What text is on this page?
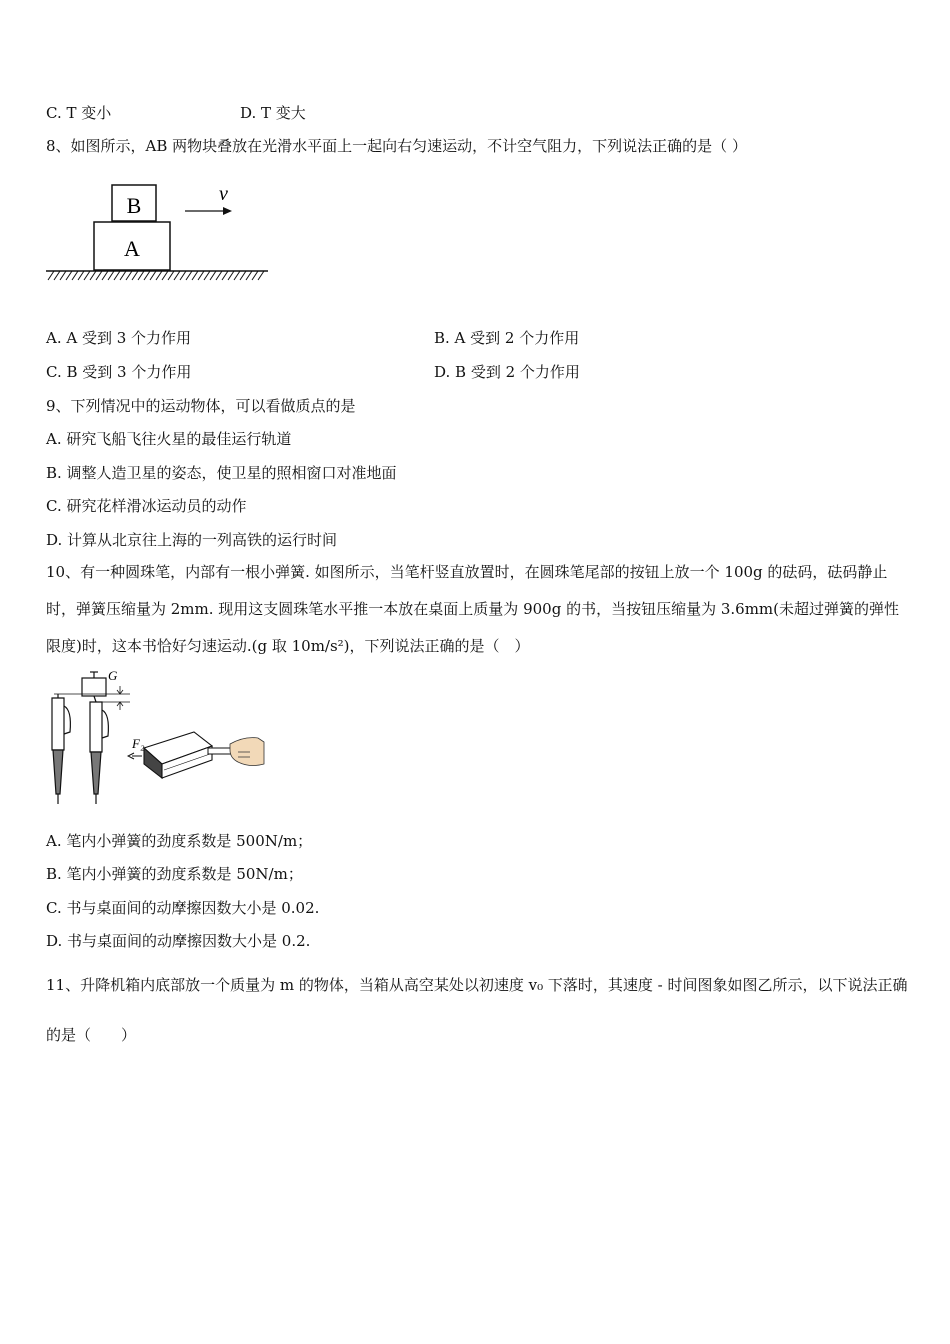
C. T 变小	D. T 变大
8、如图所示，AB 两物块叠放在光滑水平面上一起向右匀速运动，不计空气阻力，下列说法正确的是（ ）
B
A
v
A. A 受到 3 个力作用	B. A 受到 2 个力作用
C. B 受到 3 个力作用	D. B 受到 2 个力作用
9、下列情况中的运动物体，可以看做质点的是
A. 研究飞船飞往火星的最佳运行轨道
B. 调整人造卫星的姿态，使卫星的照相窗口对准地面
C. 研究花样滑冰运动员的动作
D. 计算从北京往上海的一列高铁的运行时间
10、有一种圆珠笔，内部有一根小弹簧. 如图所示，当笔杆竖直放置时，在圆珠笔尾部的按钮上放一个 100g 的砝码，砝码静止时，弹簧压缩量为 2mm. 现用这支圆珠笔水平推一本放在桌面上质量为 900g 的书，当按钮压缩量为 3.6mm(未超过弹簧的弹性限度)时，这本书恰好匀速运动.(g 取 10m/s²)，下列说法正确的是（　）
G
F₂
A. 笔内小弹簧的劲度系数是 500N/m；
B. 笔内小弹簧的劲度系数是 50N/m；
C. 书与桌面间的动摩擦因数大小是 0.02.
D. 书与桌面间的动摩擦因数大小是 0.2.
11、升降机箱内底部放一个质量为 m 的物体，当箱从高空某处以初速度 v₀ 下落时，其速度 - 时间图象如图乙所示，以下说法正确的是（　　）
